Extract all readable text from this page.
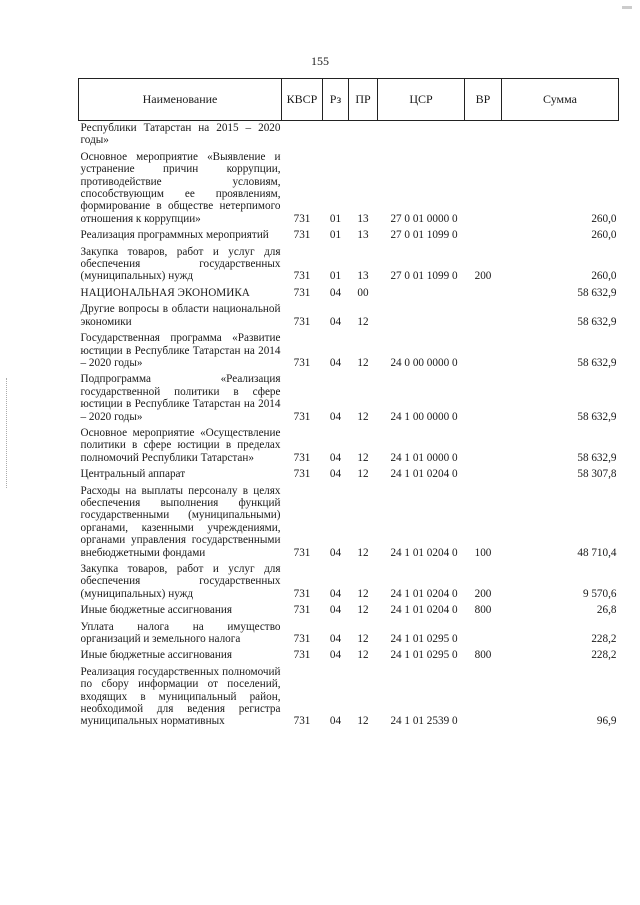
155
Наименование	КВСР	Рз	ПР	ЦСР	ВР	Сумма
Республики Татарстан на 2015 – 2020 годы»						
Основное мероприятие «Выявление и устранение причин коррупции, противодействие условиям, способствующим ее проявлениям, формирование в обществе нетерпимого отношения к коррупции»	731	01	13	27 0 01 0000 0		260,0
Реализация программных мероприятий	731	01	13	27 0 01 1099 0		260,0
Закупка товаров, работ и услуг для обеспечения государственных (муниципальных) нужд	731	01	13	27 0 01 1099 0	200	260,0
НАЦИОНАЛЬНАЯ ЭКОНОМИКА	731	04	00			58 632,9
Другие вопросы в области национальной экономики	731	04	12			58 632,9
Государственная программа «Развитие юстиции в Республике Татарстан на 2014 – 2020 годы»	731	04	12	24 0 00 0000 0		58 632,9
Подпрограмма «Реализация государственной политики в сфере юстиции в Республике Татарстан на 2014 – 2020 годы»	731	04	12	24 1 00 0000 0		58 632,9
Основное мероприятие «Осуществление политики в сфере юстиции в пределах полномочий Республики Татарстан»	731	04	12	24 1 01 0000 0		58 632,9
Центральный аппарат	731	04	12	24 1 01 0204 0		58 307,8
Расходы на выплаты персоналу в целях обеспечения выполнения функций государственными (муниципальными) органами, казенными учреждениями, органами управления государственными внебюджетными фондами	731	04	12	24 1 01 0204 0	100	48 710,4
Закупка товаров, работ и услуг для обеспечения государственных (муниципальных) нужд	731	04	12	24 1 01 0204 0	200	9 570,6
Иные бюджетные ассигнования	731	04	12	24 1 01 0204 0	800	26,8
Уплата налога на имущество организаций и земельного налога	731	04	12	24 1 01 0295 0		228,2
Иные бюджетные ассигнования	731	04	12	24 1 01 0295 0	800	228,2
Реализация государственных полномочий по сбору информации от поселений, входящих в муниципальный район, необходимой для ведения регистра муниципальных нормативных	731	04	12	24 1 01 2539 0		96,9
